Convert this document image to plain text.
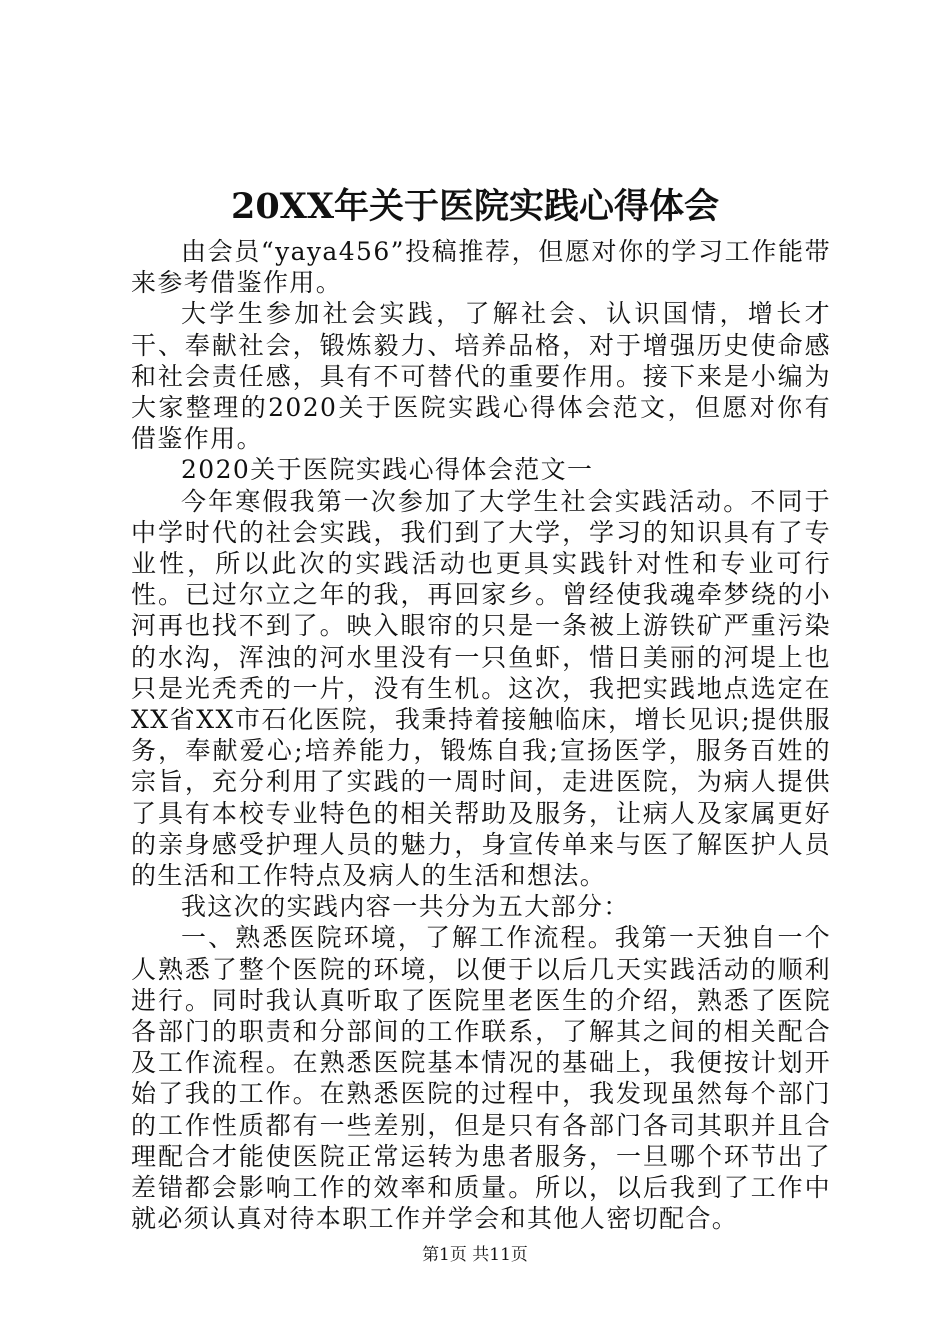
20XX年关于医院实践心得体会

由会员“yaya456”投稿推荐，但愿对你的学习工作能带来参考借鉴作用。

大学生参加社会实践，了解社会、认识国情，增长才干、奉献社会，锻炼毅力、培养品格，对于增强历史使命感和社会责任感，具有不可替代的重要作用。接下来是小编为大家整理的2020关于医院实践心得体会范文，但愿对你有借鉴作用。

2020关于医院实践心得体会范文一

今年寒假我第一次参加了大学生社会实践活动。不同于中学时代的社会实践，我们到了大学，学习的知识具有了专业性，所以此次的实践活动也更具实践针对性和专业可行性。已过尔立之年的我，再回家乡。曾经使我魂牵梦绕的小河再也找不到了。映入眼帘的只是一条被上游铁矿严重污染的水沟，浑浊的河水里没有一只鱼虾，惜日美丽的河堤上也只是光秃秃的一片，没有生机。这次，我把实践地点选定在XX省XX市石化医院，我秉持着接触临床，增长见识;提供服务，奉献爱心;培养能力，锻炼自我;宣扬医学，服务百姓的宗旨，充分利用了实践的一周时间，走进医院，为病人提供了具有本校专业特色的相关帮助及服务，让病人及家属更好的亲身感受护理人员的魅力，身宣传单来与医了解医护人员的生活和工作特点及病人的生活和想法。

我这次的实践内容一共分为五大部分：

一、熟悉医院环境，了解工作流程。我第一天独自一个人熟悉了整个医院的环境，以便于以后几天实践活动的顺利进行。同时我认真听取了医院里老医生的介绍，熟悉了医院各部门的职责和分部间的工作联系，了解其之间的相关配合及工作流程。在熟悉医院基本情况的基础上，我便按计划开始了我的工作。在熟悉医院的过程中，我发现虽然每个部门的工作性质都有一些差别，但是只有各部门各司其职并且合理配合才能使医院正常运转为患者服务，一旦哪个环节出了差错都会影响工作的效率和质量。所以，以后我到了工作中就必须认真对待本职工作并学会和其他人密切配合。

第1页 共11页
